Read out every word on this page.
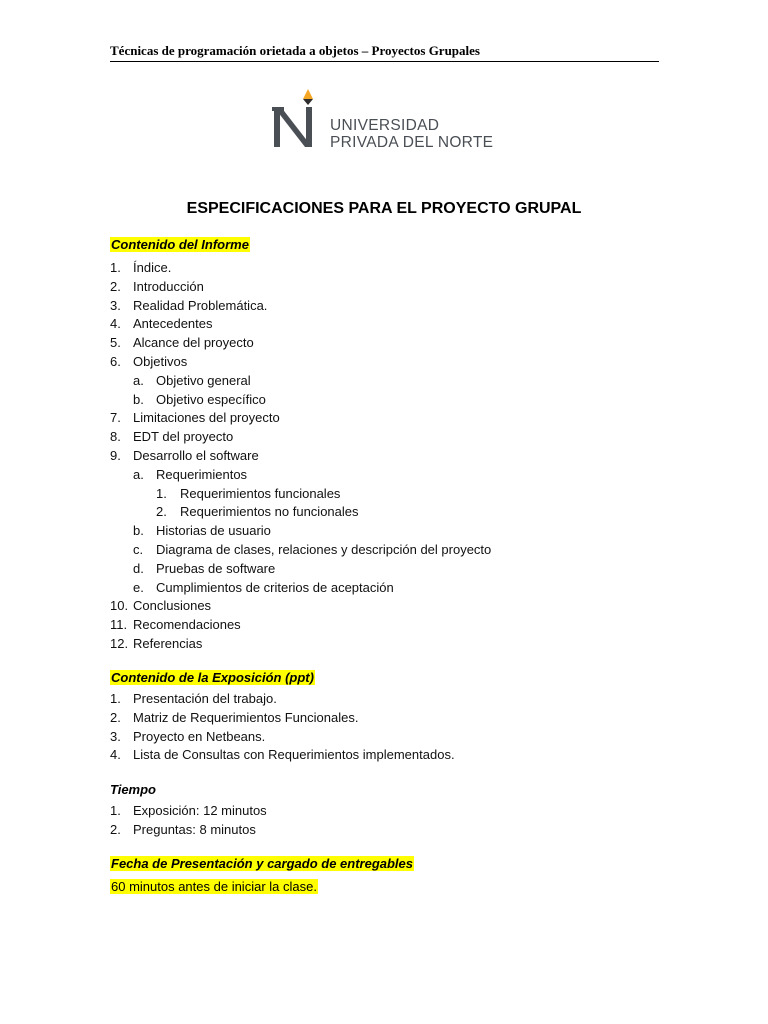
Técnicas de programación orietada a objetos – Proyectos Grupales
UNIVERSIDAD
PRIVADA DEL NORTE
ESPECIFICACIONES PARA EL PROYECTO GRUPAL
Contenido del Informe
1. Índice.
2. Introducción
3. Realidad Problemática.
4. Antecedentes
5. Alcance del proyecto
6. Objetivos
a. Objetivo general
b. Objetivo específico
7. Limitaciones del proyecto
8. EDT del proyecto
9. Desarrollo el software
a. Requerimientos
1. Requerimientos funcionales
2. Requerimientos no funcionales
b. Historias de usuario
c. Diagrama de clases, relaciones y descripción del proyecto
d. Pruebas de software
e. Cumplimientos de criterios de aceptación
10. Conclusiones
11. Recomendaciones
12. Referencias
Contenido de la Exposición (ppt)
1. Presentación del trabajo.
2. Matriz de Requerimientos Funcionales.
3. Proyecto en Netbeans.
4. Lista de Consultas con Requerimientos implementados.
Tiempo
1. Exposición: 12 minutos
2. Preguntas: 8 minutos
Fecha de Presentación y cargado de entregables
60 minutos antes de iniciar la clase.
